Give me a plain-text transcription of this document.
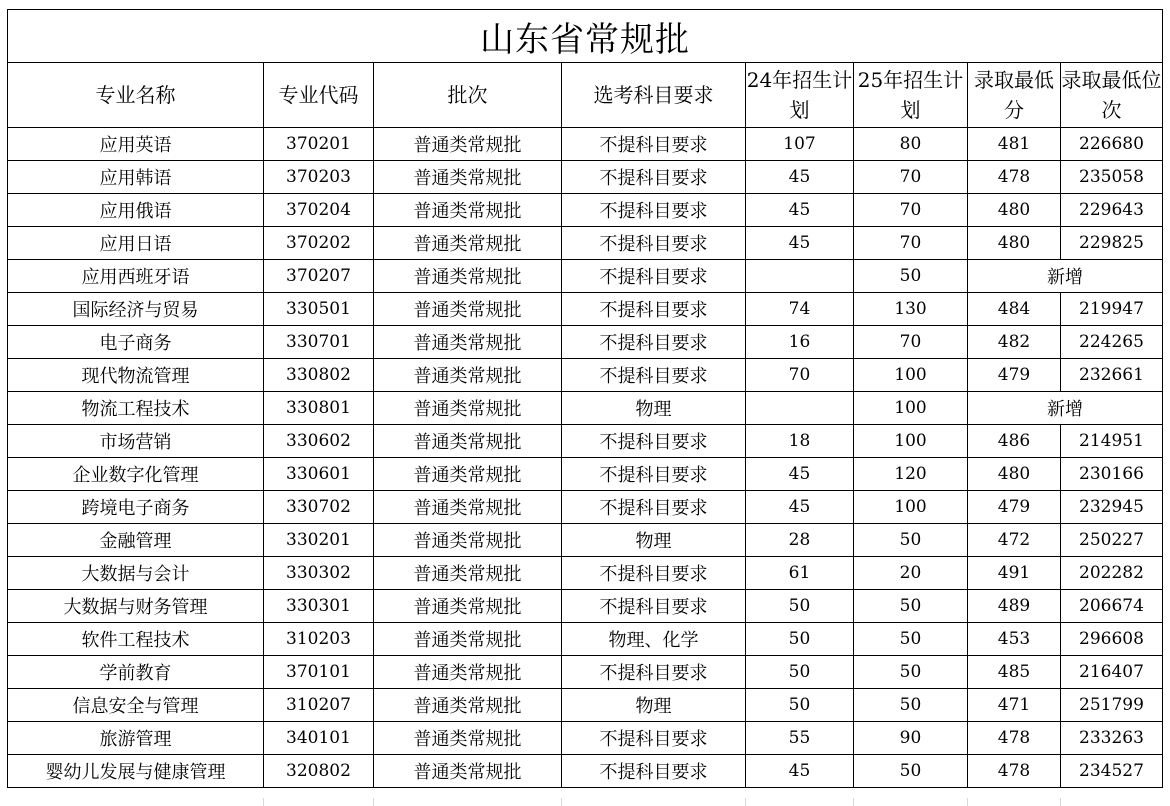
山东省常规批							
专业名称	专业代码	批次	选考科目要求	24年招生计划	25年招生计划	录取最低分	录取最低位次
应用英语	370201	普通类常规批	不提科目要求	107	80	481	226680
应用韩语	370203	普通类常规批	不提科目要求	45	70	478	235058
应用俄语	370204	普通类常规批	不提科目要求	45	70	480	229643
应用日语	370202	普通类常规批	不提科目要求	45	70	480	229825
应用西班牙语	370207	普通类常规批	不提科目要求		50	新增	
国际经济与贸易	330501	普通类常规批	不提科目要求	74	130	484	219947
电子商务	330701	普通类常规批	不提科目要求	16	70	482	224265
现代物流管理	330802	普通类常规批	不提科目要求	70	100	479	232661
物流工程技术	330801	普通类常规批	物理		100	新增	
市场营销	330602	普通类常规批	不提科目要求	18	100	486	214951
企业数字化管理	330601	普通类常规批	不提科目要求	45	120	480	230166
跨境电子商务	330702	普通类常规批	不提科目要求	45	100	479	232945
金融管理	330201	普通类常规批	物理	28	50	472	250227
大数据与会计	330302	普通类常规批	不提科目要求	61	20	491	202282
大数据与财务管理	330301	普通类常规批	不提科目要求	50	50	489	206674
软件工程技术	310203	普通类常规批	物理、化学	50	50	453	296608
学前教育	370101	普通类常规批	不提科目要求	50	50	485	216407
信息安全与管理	310207	普通类常规批	物理	50	50	471	251799
旅游管理	340101	普通类常规批	不提科目要求	55	90	478	233263
婴幼儿发展与健康管理	320802	普通类常规批	不提科目要求	45	50	478	234527
